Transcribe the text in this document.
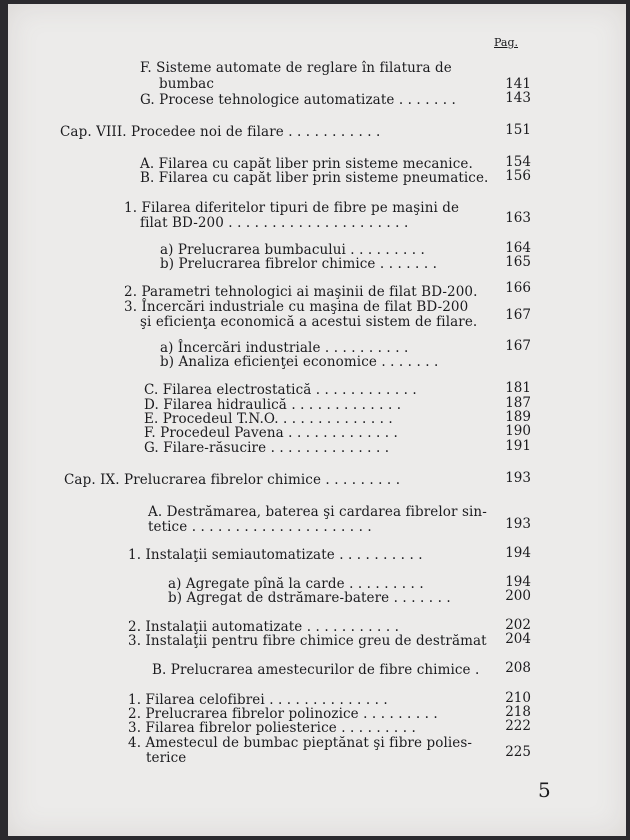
Pag.
F. Sisteme automate de reglare în filatura de
bumbac	141
G. Procese tehnologice automatizate . . . . . . .	143
Cap. VIII. Procedee noi de filare . . . . . . . . . . .	151
A. Filarea cu capăt liber prin sisteme mecanice. 154
B. Filarea cu capăt liber prin sisteme pneumatice. 156
1. Filarea diferitelor tipuri de fibre pe maşini de
filat BD-200 . . . . . . . . . . . . . . . . . . . . .	163
a) Prelucrarea bumbacului . . . . . . . . .	164
b) Prelucrarea fibrelor chimice . . . . . . .	165
2. Parametri tehnologici ai maşinii de filat BD-200. 166
3. Încercări industriale cu maşina de filat BD-200
şi eficienţa economică a acestui sistem de filare. 167
a) Încercări industriale . . . . . . . . . .	167
b) Analiza eficienţei economice . . . . . . .
C. Filarea electrostatică . . . . . . . . . . . .	181
D. Filarea hidraulică . . . . . . . . . . . . .	187
E. Procedeul T.N.O. . . . . . . . . . . . . .	189
F. Procedeul Pavena . . . . . . . . . . . . .	190
G. Filare-răsucire . . . . . . . . . . . . . .	191
Cap. IX. Prelucrarea fibrelor chimice . . . . . . . . .	193
A. Destrămarea, baterea şi cardarea fibrelor sin-
tetice . . . . . . . . . . . . . . . . . . . . .	193
1. Instalaţii semiautomatizate . . . . . . . . . .	194
a) Agregate pînă la carde . . . . . . . . .	194
b) Agregat de dstrămare-batere . . . . . . .	200
2. Instalaţii automatizate . . . . . . . . . . .	202
3. Instalaţii pentru fibre chimice greu de destrămat 204
B. Prelucrarea amestecurilor de fibre chimice . 208
1. Filarea celofibrei . . . . . . . . . . . . . .	210
2. Prelucrarea fibrelor polinozice . . . . . . . . .	218
3. Filarea fibrelor poliesterice . . . . . . . . .	222
4. Amestecul de bumbac pieptănat şi fibre polies-
terice	225
5
